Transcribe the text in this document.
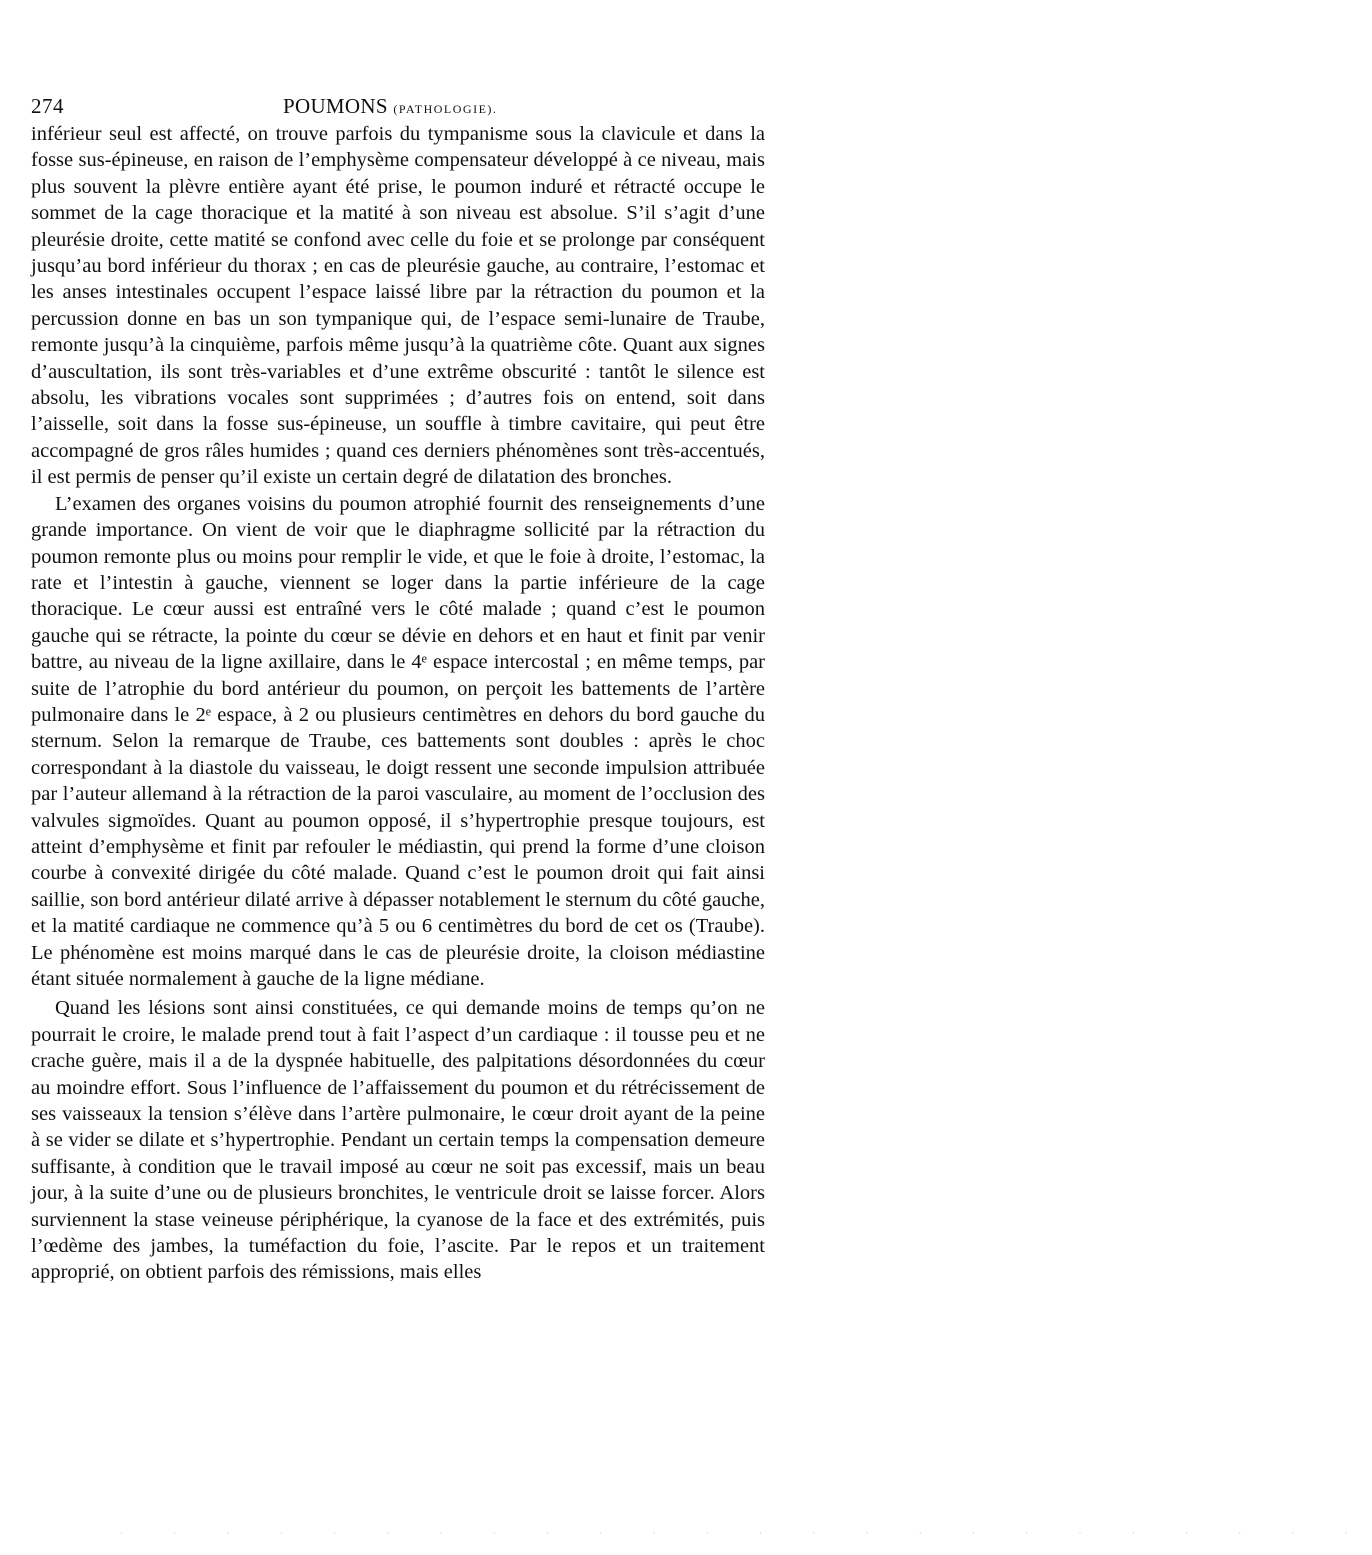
274	POUMONS (PATHOLOGIE).

inférieur seul est affecté, on trouve parfois du tympanisme sous la clavicule et dans la fosse sus-épineuse, en raison de l’emphysème compensateur développé à ce niveau, mais plus souvent la plèvre entière ayant été prise, le poumon induré et rétracté occupe le sommet de la cage thoracique et la matité à son niveau est absolue. S’il s’agit d’une pleurésie droite, cette matité se confond avec celle du foie et se prolonge par conséquent jusqu’au bord inférieur du thorax ; en cas de pleurésie gauche, au contraire, l’estomac et les anses intestinales occupent l’espace laissé libre par la rétraction du poumon et la percussion donne en bas un son tympanique qui, de l’espace semi-lunaire de Traube, remonte jusqu’à la cinquième, parfois même jusqu’à la quatrième côte. Quant aux signes d’auscultation, ils sont très-variables et d’une extrême obscurité : tantôt le silence est absolu, les vibrations vocales sont supprimées ; d’autres fois on entend, soit dans l’aisselle, soit dans la fosse sus-épineuse, un souffle à timbre cavitaire, qui peut être accompagné de gros râles humides ; quand ces derniers phénomènes sont très-accentués, il est permis de penser qu’il existe un certain degré de dilatation des bronches.

L’examen des organes voisins du poumon atrophié fournit des renseignements d’une grande importance. On vient de voir que le diaphragme sollicité par la rétraction du poumon remonte plus ou moins pour remplir le vide, et que le foie à droite, l’estomac, la rate et l’intestin à gauche, viennent se loger dans la partie inférieure de la cage thoracique. Le cœur aussi est entraîné vers le côté malade ; quand c’est le poumon gauche qui se rétracte, la pointe du cœur se dévie en dehors et en haut et finit par venir battre, au niveau de la ligne axillaire, dans le 4ᵉ espace intercostal ; en même temps, par suite de l’atrophie du bord antérieur du poumon, on perçoit les battements de l’artère pulmonaire dans le 2ᵉ espace, à 2 ou plusieurs centimètres en dehors du bord gauche du sternum. Selon la remarque de Traube, ces battements sont doubles : après le choc correspondant à la diastole du vaisseau, le doigt ressent une seconde impulsion attribuée par l’auteur allemand à la rétraction de la paroi vasculaire, au moment de l’occlusion des valvules sigmoïdes. Quant au poumon opposé, il s’hypertrophie presque toujours, est atteint d’emphysème et finit par refouler le médiastin, qui prend la forme d’une cloison courbe à convexité dirigée du côté malade. Quand c’est le poumon droit qui fait ainsi saillie, son bord antérieur dilaté arrive à dépasser notablement le sternum du côté gauche, et la matité cardiaque ne commence qu’à 5 ou 6 centimètres du bord de cet os (Traube). Le phénomène est moins marqué dans le cas de pleurésie droite, la cloison médiastine étant située normalement à gauche de la ligne médiane.

Quand les lésions sont ainsi constituées, ce qui demande moins de temps qu’on ne pourrait le croire, le malade prend tout à fait l’aspect d’un cardiaque : il tousse peu et ne crache guère, mais il a de la dyspnée habituelle, des palpitations désordonnées du cœur au moindre effort. Sous l’influence de l’affaissement du poumon et du rétrécissement de ses vaisseaux la tension s’élève dans l’artère pulmonaire, le cœur droit ayant de la peine à se vider se dilate et s’hypertrophie. Pendant un certain temps la compensation demeure suffisante, à condition que le travail imposé au cœur ne soit pas excessif, mais un beau jour, à la suite d’une ou de plusieurs bronchites, le ventricule droit se laisse forcer. Alors surviennent la stase veineuse périphérique, la cyanose de la face et des extrémités, puis l’œdème des jambes, la tuméfaction du foie, l’ascite. Par le repos et un traitement approprié, on obtient parfois des rémissions, mais elles

· · · · · · · · · · · · · · · · · · · · · · · ·
